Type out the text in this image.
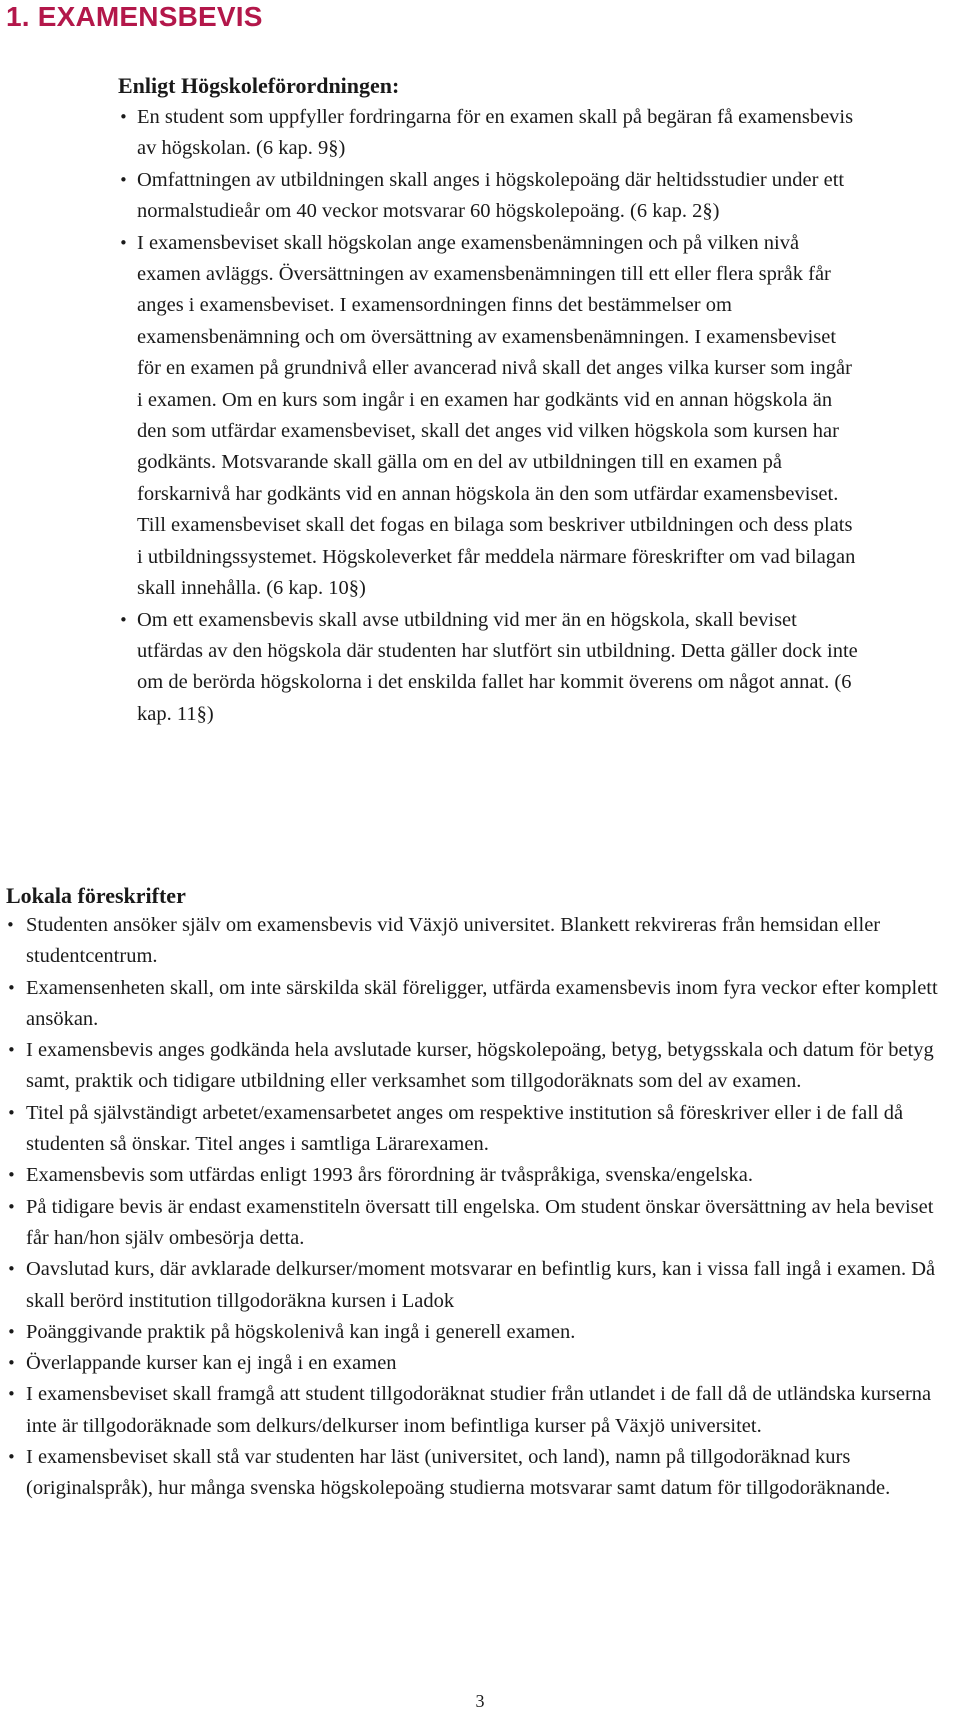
1. EXAMENSBEVIS
Enligt Högskoleförordningen:
• En student som uppfyller fordringarna för en examen skall på begäran få examensbevis av högskolan. (6 kap. 9§)
• Omfattningen av utbildningen skall anges i högskolepoäng där heltidsstudier under ett normalstudieår om 40 veckor motsvarar 60 högskolepoäng. (6 kap. 2§)
• I examensbeviset skall högskolan ange examensbenämningen och på vilken nivå examen avläggs. Översättningen av examensbenämningen till ett eller flera språk får anges i examensbeviset. I examensordningen finns det bestämmelser om examensbenämning och om översättning av examensbenämningen. I examensbeviset för en examen på grundnivå eller avancerad nivå skall det anges vilka kurser som ingår i examen. Om en kurs som ingår i en examen har godkänts vid en annan högskola än den som utfärdar examensbeviset, skall det anges vid vilken högskola som kursen har godkänts. Motsvarande skall gälla om en del av utbildningen till en examen på forskarnivå har godkänts vid en annan högskola än den som utfärdar examensbeviset. Till examensbeviset skall det fogas en bilaga som beskriver utbildningen och dess plats i utbildningssystemet. Högskoleverket får meddela närmare föreskrifter om vad bilagan skall innehålla. (6 kap. 10§)
• Om ett examensbevis skall avse utbildning vid mer än en högskola, skall beviset utfärdas av den högskola där studenten har slutfört sin utbildning. Detta gäller dock inte om de berörda högskolorna i det enskilda fallet har kommit överens om något annat. (6 kap. 11§)
Lokala föreskrifter
• Studenten ansöker själv om examensbevis vid Växjö universitet. Blankett rekvireras från hemsidan eller studentcentrum.
• Examensenheten skall, om inte särskilda skäl föreligger, utfärda examensbevis inom fyra veckor efter komplett ansökan.
• I examensbevis anges godkända hela avslutade kurser, högskolepoäng, betyg, betygsskala och datum för betyg samt, praktik och tidigare utbildning eller verksamhet som tillgodoräknats som del av examen.
• Titel på självständigt arbetet/examensarbetet anges om respektive institution så föreskriver eller i de fall då studenten så önskar. Titel anges i samtliga Lärarexamen.
• Examensbevis som utfärdas enligt 1993 års förordning är tvåspråkiga, svenska/engelska.
• På tidigare bevis är endast examenstiteln översatt till engelska. Om student önskar översättning av hela beviset får han/hon själv ombesörja detta.
• Oavslutad kurs, där avklarade delkurser/moment motsvarar en befintlig kurs, kan i vissa fall ingå i examen. Då skall berörd institution tillgodoräkna kursen i Ladok
• Poänggivande praktik på högskolenivå kan ingå i generell examen.
• Överlappande kurser kan ej ingå i en examen
• I examensbeviset skall framgå att student tillgodoräknat studier från utlandet i de fall då de utländska kurserna inte är tillgodoräknade som delkurs/delkurser inom befintliga kurser på Växjö universitet.
• I examensbeviset skall stå var studenten har läst (universitet, och land), namn på tillgodoräknad kurs (originalspråk), hur många svenska högskolepoäng studierna motsvarar samt datum för tillgodoräknande.
3
